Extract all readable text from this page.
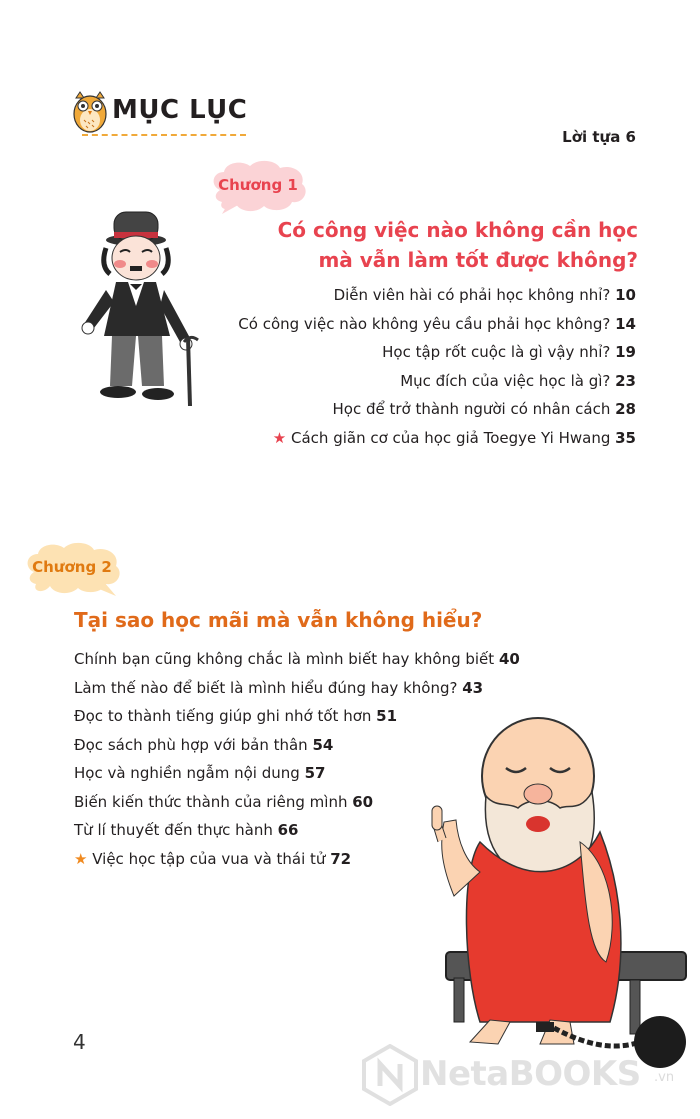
MỤC LỤC
Lời tựa 6
Chương 1
Có công việc nào không cần học
mà vẫn làm tốt được không?
Diễn viên hài có phải học không nhỉ? 10
Có công việc nào không yêu cầu phải học không? 14
Học tập rốt cuộc là gì vậy nhỉ? 19
Mục đích của việc học là gì? 23
Học để trở thành người có nhân cách 28
★ Cách giãn cơ của học giả Toegye Yi Hwang 35
Chương 2
Tại sao học mãi mà vẫn không hiểu?
Chính bạn cũng không chắc là mình biết hay không biết 40
Làm thế nào để biết là mình hiểu đúng hay không? 43
Đọc to thành tiếng giúp ghi nhớ tốt hơn 51
Đọc sách phù hợp với bản thân 54
Học và nghiền ngẫm nội dung 57
Biến kiến thức thành của riêng mình 60
Từ lí thuyết đến thực hành 66
★ Việc học tập của vua và thái tử 72
4
NetaBOOKS .vn
